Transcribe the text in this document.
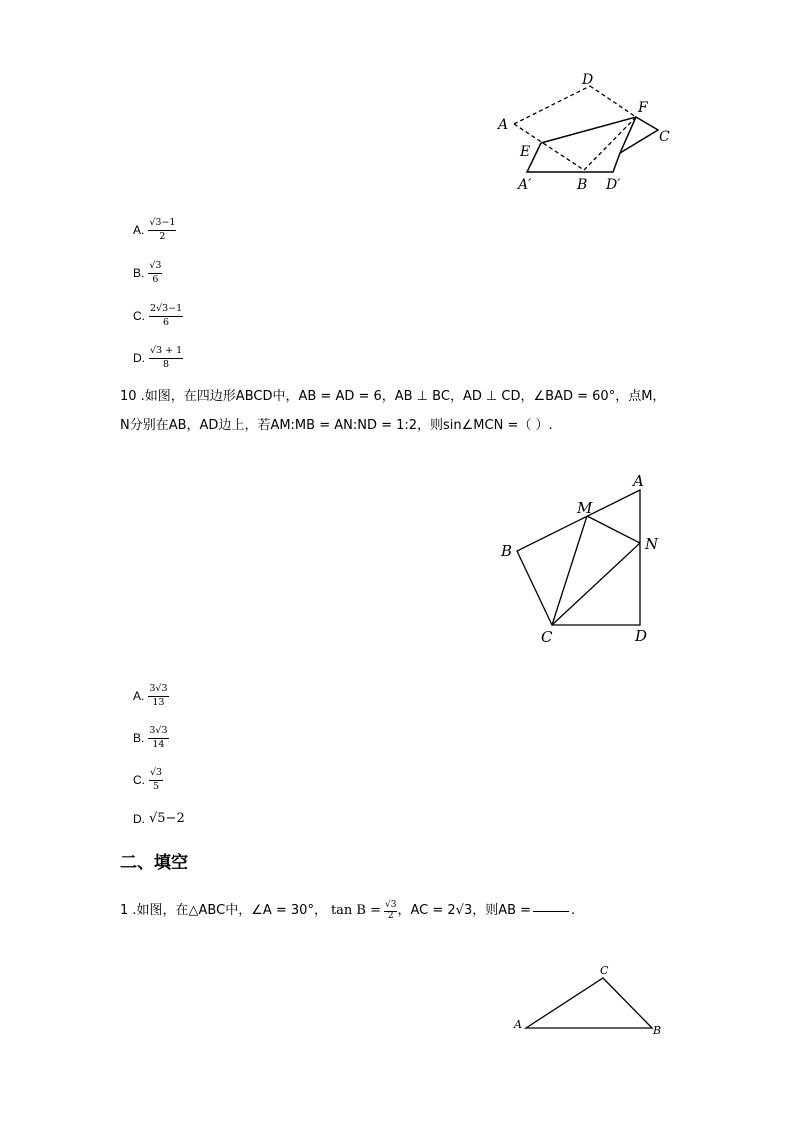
D
F
A
C
E
A′	B D′
A. $\frac{√3-1}{2}$
B. $\frac{√3}{6}$
C. $\frac{2√3-1}{6}$
D. $\frac{√3 + 1}{8}$
10 .如图，在四边形ABCD中，AB = AD = 6，AB ⊥ BC，AD ⊥ CD，∠BAD = 60°，点M，
N分别在AB，AD边上，若AM:MB = AN:ND = 1:2，则sin∠MCN =（ ）.
A
M
N
B
C	D
A. $\frac{3√3}{13}$
B. $\frac{3√3}{14}$
C. $\frac{√3}{5}$
D. √5−2
二、填空
1 .如图，在△ABC中，∠A = 30°， $\tan B = \frac{√3}{2}$ ，AC = 2√3，则AB =	.
C
A	B
